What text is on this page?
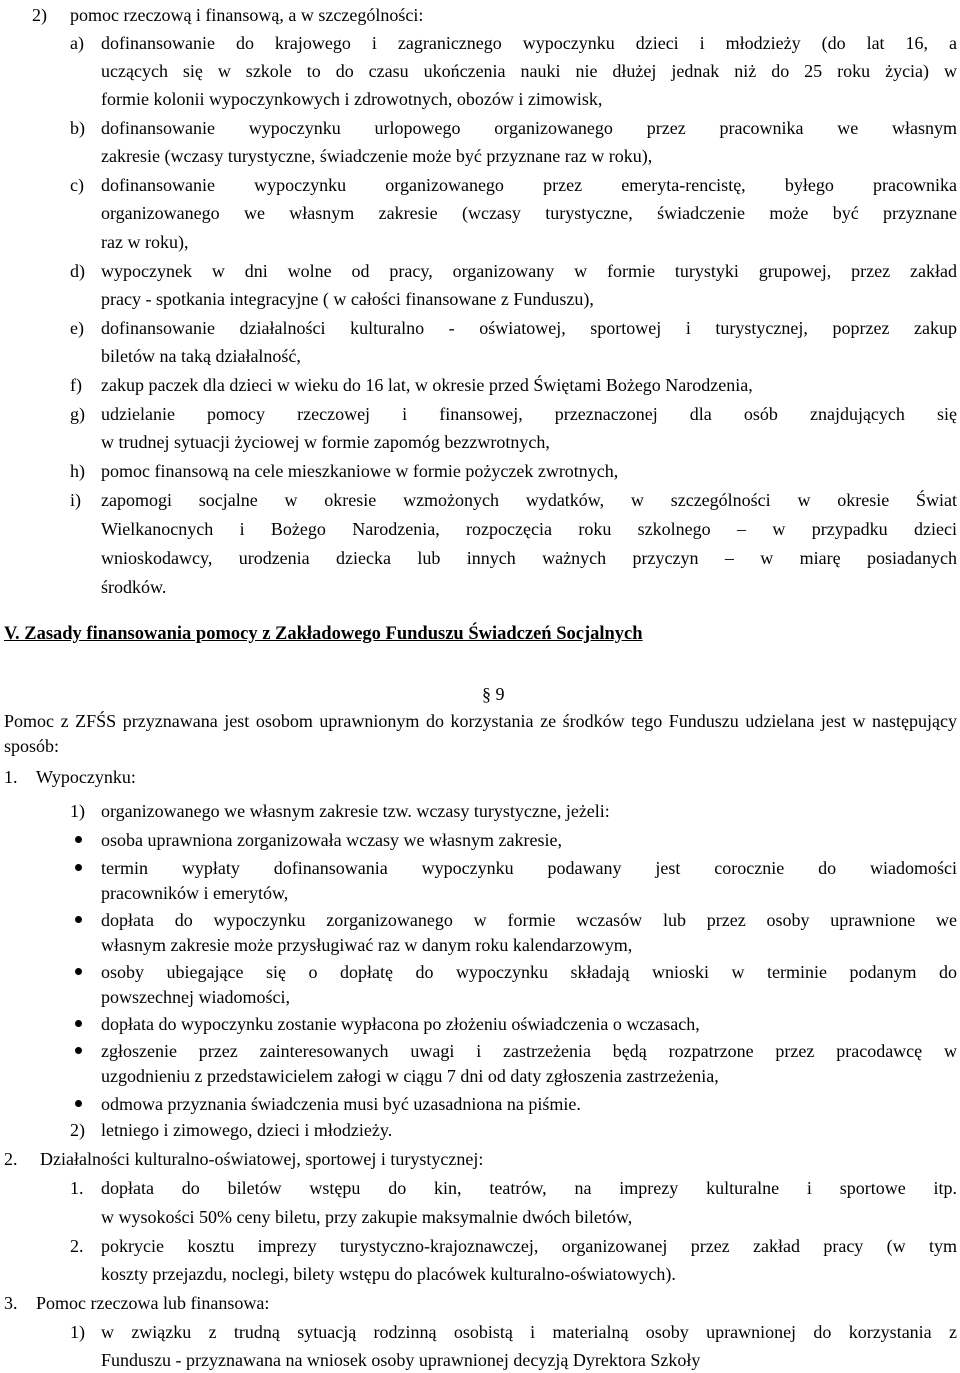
2) pomoc rzeczową i finansową, a w szczególności:
a) dofinansowanie do krajowego i zagranicznego wypoczynku dzieci i młodzieży (do lat 16, a
uczących się w szkole to do czasu ukończenia nauki nie dłużej jednak niż do 25 roku życia) w
formie kolonii wypoczynkowych i zdrowotnych, obozów i zimowisk,
b) dofinansowanie wypoczynku urlopowego organizowanego przez pracownika we własnym
zakresie (wczasy turystyczne, świadczenie może być przyznane raz w roku),
c) dofinansowanie wypoczynku organizowanego przez emeryta-rencistę, byłego pracownika
organizowanego we własnym zakresie (wczasy turystyczne, świadczenie może być przyznane
raz w roku),
d) wypoczynek w dni wolne od pracy, organizowany w formie turystyki grupowej, przez zakład
pracy - spotkania integracyjne ( w całości finansowane z Funduszu),
e) dofinansowanie działalności kulturalno - oświatowej, sportowej i turystycznej, poprzez zakup
biletów na taką działalność,
f) zakup paczek dla dzieci w wieku do 16 lat, w okresie przed Świętami Bożego Narodzenia,
g) udzielanie pomocy rzeczowej i finansowej, przeznaczonej dla osób znajdujących się
w trudnej sytuacji życiowej w formie zapomóg bezzwrotnych,
h) pomoc finansową na cele mieszkaniowe w formie pożyczek zwrotnych,
i) zapomogi socjalne w okresie wzmożonych wydatków, w szczególności w okresie Świat
Wielkanocnych i Bożego Narodzenia, rozpoczęcia roku szkolnego – w przypadku dzieci
wnioskodawcy, urodzenia dziecka lub innych ważnych przyczyn – w miarę posiadanych
środków.
V. Zasady finansowania pomocy z Zakładowego Funduszu Świadczeń Socjalnych
§ 9
Pomoc z ZFŚS przyznawana jest osobom uprawnionym do korzystania ze środków tego Funduszu udzielana jest w następujący sposób:
1. Wypoczynku:
1) organizowanego we własnym zakresie tzw. wczasy turystyczne, jeżeli:
osoba uprawniona zorganizowała wczasy we własnym zakresie,
termin wypłaty dofinansowania wypoczynku podawany jest corocznie do wiadomości
pracowników i emerytów,
dopłata do wypoczynku zorganizowanego w formie wczasów lub przez osoby uprawnione we
własnym zakresie może przysługiwać raz w danym roku kalendarzowym,
osoby ubiegające się o dopłatę do wypoczynku składają wnioski w terminie podanym do
powszechnej wiadomości,
dopłata do wypoczynku zostanie wypłacona po złożeniu oświadczenia o wczasach,
zgłoszenie przez zainteresowanych uwagi i zastrzeżenia będą rozpatrzone przez pracodawcę w
uzgodnieniu z przedstawicielem załogi w ciągu 7 dni od daty zgłoszenia zastrzeżenia,
odmowa przyznania świadczenia musi być uzasadniona na piśmie.
2) letniego i zimowego, dzieci i młodzieży.
2. Działalności kulturalno-oświatowej, sportowej i turystycznej:
1. dopłata do biletów wstępu do kin, teatrów, na imprezy kulturalne i sportowe itp.
w wysokości 50% ceny biletu, przy zakupie maksymalnie dwóch biletów,
2. pokrycie kosztu imprezy turystyczno-krajoznawczej, organizowanej przez zakład pracy (w tym
koszty przejazdu, noclegi, bilety wstępu do placówek kulturalno-oświatowych).
3. Pomoc rzeczowa lub finansowa:
1) w związku z trudną sytuacją rodzinną osobistą i materialną osoby uprawnionej do korzystania z
Funduszu - przyznawana na wniosek osoby uprawnionej decyzją Dyrektora Szkoły
